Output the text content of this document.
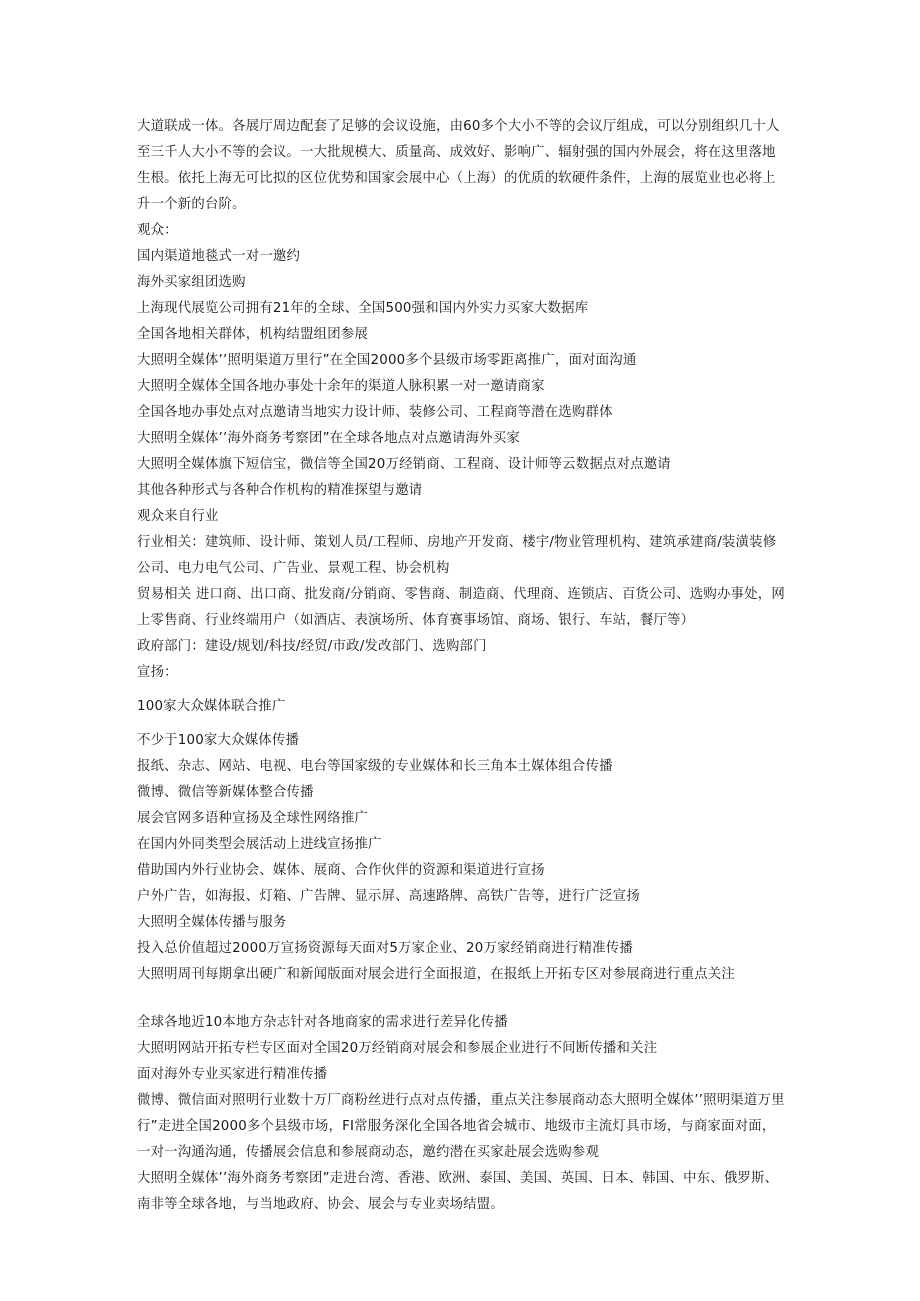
大道联成一体。各展厅周边配套了足够的会议设施，由60多个大小不等的会议厅组成，可以分别组织几十人至三千人大小不等的会议。一大批规模大、质量高、成效好、影响广、辐射强的国内外展会，将在这里落地生根。依托上海无可比拟的区位优势和国家会展中心（上海）的优质的软硬件条件，上海的展览业也必将上升一个新的台阶。

观众：

国内渠道地毯式一对一邀约

海外买家组团选购

上海现代展览公司拥有21年的全球、全国500强和国内外实力买家大数据库

全国各地相关群体，机构结盟组团参展

大照明全媒体’’照明渠道万里行”在全国2000多个县级市场零距离推广，面对面沟通

大照明全媒体全国各地办事处十余年的渠道人脉积累一对一邀请商家

全国各地办事处点对点邀请当地实力设计师、装修公司、工程商等潜在选购群体

大照明全媒体’’海外商务考察团”在全球各地点对点邀请海外买家

大照明全媒体旗下短信宝，微信等全国20万经销商、工程商、设计师等云数据点对点邀请

其他各种形式与各种合作机构的精准探望与邀请

观众来自行业

行业相关：建筑师、设计师、策划人员/工程师、房地产开发商、楼宇/物业管理机构、建筑承建商/装潢装修公司、电力电气公司、广告业、景观工程、协会机构

贸易相关 进口商、出口商、批发商/分销商、零售商、制造商、代理商、连锁店、百货公司、选购办事处，网上零售商、行业终端用户（如酒店、表演场所、体育赛事场馆、商场、银行、车站，餐厅等）

政府部门：建设/规划/科技/经贸/市政/发改部门、选购部门

宣扬：

100家大众媒体联合推广

不少于100家大众媒体传播

报纸、杂志、网站、电视、电台等国家级的专业媒体和长三角本土媒体组合传播

微博、微信等新媒体整合传播

展会官网多语种宣扬及全球性网络推广

在国内外同类型会展活动上进线宣扬推广

借助国内外行业协会、媒体、展商、合作伙伴的资源和渠道进行宣扬

户外广告，如海报、灯箱、广告牌、显示屏、高速路牌、高铁广告等，进行广泛宣扬

大照明全媒体传播与服务

投入总价值超过2000万宣扬资源每天面对5万家企业、20万家经销商进行精准传播

大照明周刊每期拿出硬广和新闻版面对展会进行全面报道，在报纸上开拓专区对参展商进行重点关注

全球各地近10本地方杂志针对各地商家的需求进行差异化传播

大照明网站开拓专栏专区面对全国20万经销商对展会和参展企业进行不间断传播和关注

面对海外专业买家进行精准传播

微博、微信面对照明行业数十万厂商粉丝进行点对点传播，重点关注参展商动态大照明全媒体’’照明渠道万里行”走进全国2000多个县级市场，FI常服务深化全国各地省会城市、地级市主流灯具市场，与商家面对面，一对一沟通沟通，传播展会信息和参展商动态，邀约潜在买家赴展会选购参观

大照明全媒体’’海外商务考察团”走进台湾、香港、欧洲、泰国、美国、英国、日本、韩国、中东、俄罗斯、南非等全球各地，与当地政府、协会、展会与专业卖场结盟。
